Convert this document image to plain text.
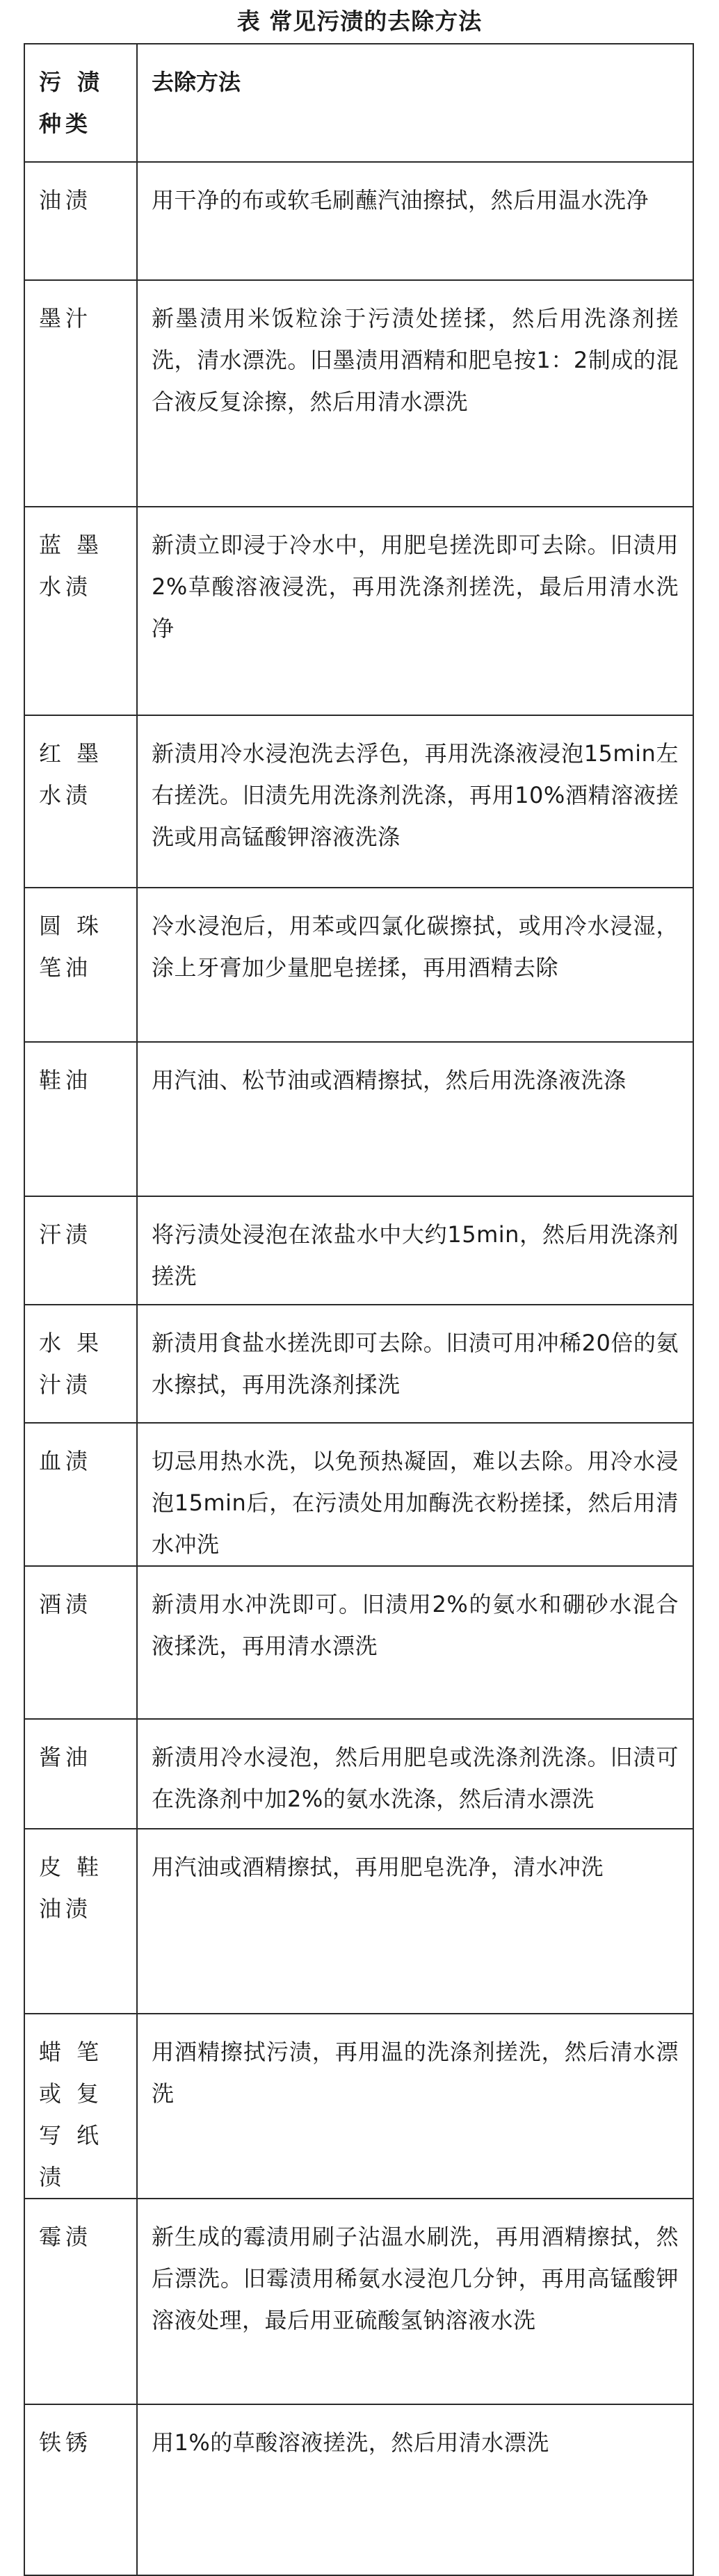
表 常见污渍的去除方法
污 渍
种类	去除方法

油渍	用干净的布或软毛刷蘸汽油擦拭，然后用温水洗净

墨汁	新墨渍用米饭粒涂于污渍处搓揉，然后用洗涤剂搓洗，清水漂洗。旧墨渍用酒精和肥皂按1：2制成的混合液反复涂擦，然后用清水漂洗

蓝 墨
水渍	新渍立即浸于冷水中，用肥皂搓洗即可去除。旧渍用2%草酸溶液浸洗，再用洗涤剂搓洗，最后用清水洗净

红 墨
水渍	新渍用冷水浸泡洗去浮色，再用洗涤液浸泡15min左右搓洗。旧渍先用洗涤剂洗涤，再用10%酒精溶液搓洗或用高锰酸钾溶液洗涤

圆 珠
笔油	冷水浸泡后，用苯或四氯化碳擦拭，或用冷水浸湿，涂上牙膏加少量肥皂搓揉，再用酒精去除

鞋油	用汽油、松节油或酒精擦拭，然后用洗涤液洗涤

汗渍	将污渍处浸泡在浓盐水中大约15min，然后用洗涤剂搓洗

水 果
汁渍	新渍用食盐水搓洗即可去除。旧渍可用冲稀20倍的氨水擦拭，再用洗涤剂揉洗

血渍	切忌用热水洗，以免预热凝固，难以去除。用冷水浸泡15min后，在污渍处用加酶洗衣粉搓揉，然后用清水冲洗

酒渍	新渍用水冲洗即可。旧渍用2%的氨水和硼砂水混合液揉洗，再用清水漂洗

酱油	新渍用冷水浸泡，然后用肥皂或洗涤剂洗涤。旧渍可在洗涤剂中加2%的氨水洗涤，然后清水漂洗

皮 鞋
油渍	用汽油或酒精擦拭，再用肥皂洗净，清水冲洗

蜡 笔
或 复
写 纸
渍	用酒精擦拭污渍，再用温的洗涤剂搓洗，然后清水漂洗

霉渍	新生成的霉渍用刷子沾温水刷洗，再用酒精擦拭，然后漂洗。旧霉渍用稀氨水浸泡几分钟，再用高锰酸钾溶液处理，最后用亚硫酸氢钠溶液水洗

铁锈	用1%的草酸溶液搓洗，然后用清水漂洗
